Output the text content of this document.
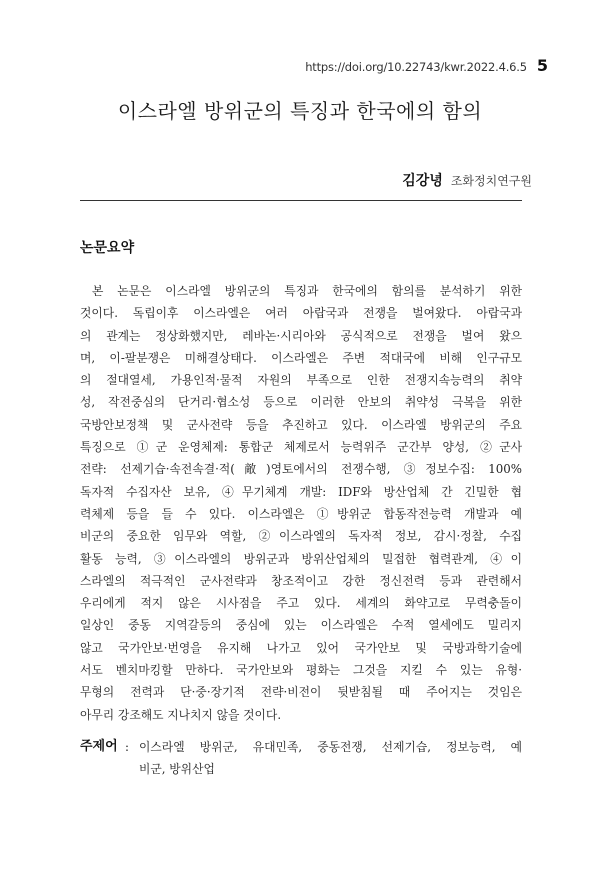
https://doi.org/10.22743/kwr.2022.4.6.5 5
이스라엘 방위군의 특징과 한국에의 함의
김강녕 조화정치연구원
논문요약
본 논문은 이스라엘 방위군의 특징과 한국에의 함의를 분석하기 위한
것이다. 독립이후 이스라엘은 여러 아랍국과 전쟁을 벌여왔다. 아랍국과
의 관계는 정상화했지만, 레바논·시리아와 공식적으로 전쟁을 벌여 왔으
며, 이-팔분쟁은 미해결상태다. 이스라엘은 주변 적대국에 비해 인구규모
의 절대열세, 가용인적·물적 자원의 부족으로 인한 전쟁지속능력의 취약
성, 작전중심의 단거리·협소성 등으로 이러한 안보의 취약성 극복을 위한
국방안보정책 및 군사전략 등을 추진하고 있다. 이스라엘 방위군의 주요
특징으로 ①군 운영체제: 통합군 체제로서 능력위주 군간부 양성, ②군사
전략: 선제기습·속전속결·적(敵)영토에서의 전쟁수행, ③정보수집: 100%
독자적 수집자산 보유, ④무기체계 개발: IDF와 방산업체 간 긴밀한 협
력체제 등을 들 수 있다. 이스라엘은 ①방위군 합동작전능력 개발과 예
비군의 중요한 임무와 역할, ②이스라엘의 독자적 정보, 감시·정찰, 수집
활동 능력, ③이스라엘의 방위군과 방위산업체의 밀접한 협력관계, ④이
스라엘의 적극적인 군사전략과 창조적이고 강한 정신전력 등과 관련해서
우리에게 적지 않은 시사점을 주고 있다. 세계의 화약고로 무력충돌이
일상인 중동 지역갈등의 중심에 있는 이스라엘은 수적 열세에도 밀리지
않고 국가안보·번영을 유지해 나가고 있어 국가안보 및 국방과학기술에
서도 벤치마킹할 만하다. 국가안보와 평화는 그것을 지킬 수 있는 유형·
무형의 전력과 단·중·장기적 전략·비전이 뒷받침될 때 주어지는 것임은
아무리 강조해도 지나치지 않을 것이다.
주제어 : 이스라엘 방위군, 유대민족, 중동전쟁, 선제기습, 정보능력, 예
비군, 방위산업
